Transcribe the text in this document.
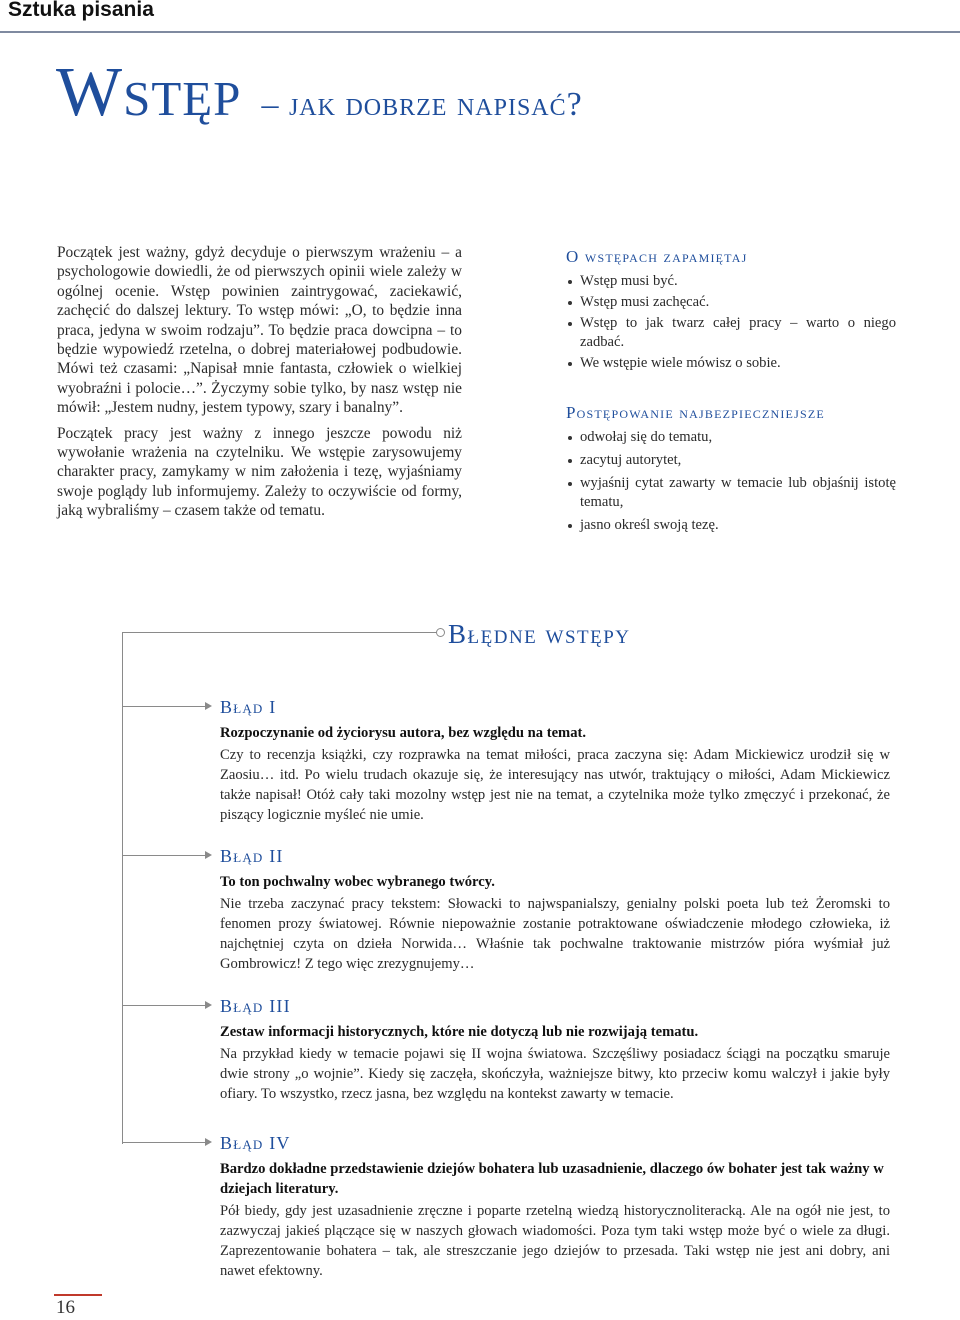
Sztuka pisania
Wstęp – jak dobrze napisać?

Początek jest ważny, gdyż decyduje o pierwszym wrażeniu – a psychologowie dowiedli, że od pierwszych opinii wiele zależy w ogólnej ocenie. Wstęp powinien zaintrygować, zaciekawić, zachęcić do dalszej lektury. To wstęp mówi: „O, to będzie inna praca, jedyna w swoim rodzaju”. To będzie praca dowcipna – to będzie wypowiedź rzetelna, o dobrej materiałowej podbudowie. Mówi też czasami: „Napisał mnie fantasta, człowiek o wielkiej wyobraźni i polocie…”. Życzymy sobie tylko, by nasz wstęp nie mówił: „Jestem nudny, jestem typowy, szary i banalny”.

Początek pracy jest ważny z innego jeszcze powodu niż wywołanie wrażenia na czytelniku. We wstępie zarysowujemy charakter pracy, zamykamy w nim założenia i tezę, wyjaśniamy swoje poglądy lub informujemy. Zależy to oczywiście od formy, jaką wybraliśmy – czasem także od tematu.

O wstępach zapamiętaj
Wstęp musi być.
Wstęp musi zachęcać.
Wstęp to jak twarz całej pracy – warto o niego zadbać.
We wstępie wiele mówisz o sobie.
Postępowanie najbezpieczniejsze
odwołaj się do tematu,
zacytuj autorytet,
wyjaśnij cytat zawarty w temacie lub objaśnij istotę tematu,
jasno określ swoją tezę.
Błędne wstępy
Błąd I

Rozpoczynanie od życiorysu autora, bez względu na temat.

Czy to recenzja książki, czy rozprawka na temat miłości, praca zaczyna się: Adam Mickiewicz urodził się w Zaosiu… itd. Po wielu trudach okazuje się, że interesujący nas utwór, traktujący o miłości, Adam Mickiewicz także napisał! Otóż cały taki mozolny wstęp jest nie na temat, a czytelnika może tylko zmęczyć i przekonać, że piszący logicznie myśleć nie umie.

Błąd II

To ton pochwalny wobec wybranego twórcy.

Nie trzeba zaczynać pracy tekstem: Słowacki to najwspanialszy, genialny polski poeta lub też Żeromski to fenomen prozy światowej. Równie niepoważnie zostanie potraktowane oświadczenie młodego człowieka, iż najchętniej czyta on dzieła Norwida… Właśnie tak pochwalne traktowanie mistrzów pióra wyśmiał już Gombrowicz! Z tego więc zrezygnujemy…

Błąd III

Zestaw informacji historycznych, które nie dotyczą lub nie rozwijają tematu.

Na przykład kiedy w temacie pojawi się II wojna światowa. Szczęśliwy posiadacz ściągi na początku smaruje dwie strony „o wojnie”. Kiedy się zaczęła, skończyła, ważniejsze bitwy, kto przeciw komu walczył i jakie były ofiary. To wszystko, rzecz jasna, bez względu na kontekst zawarty w temacie.

Błąd IV

Bardzo dokładne przedstawienie dziejów bohatera lub uzasadnienie, dlaczego ów bohater jest tak ważny w dziejach literatury.

Pół biedy, gdy jest uzasadnienie zręczne i poparte rzetelną wiedzą historycznoliteracką. Ale na ogół nie jest, to zazwyczaj jakieś plączące się w naszych głowach wiadomości. Poza tym taki wstęp może być o wiele za długi. Zaprezentowanie bohatera – tak, ale streszczanie jego dziejów to przesada. Taki wstęp nie jest ani dobry, ani nawet efektowny.

16
